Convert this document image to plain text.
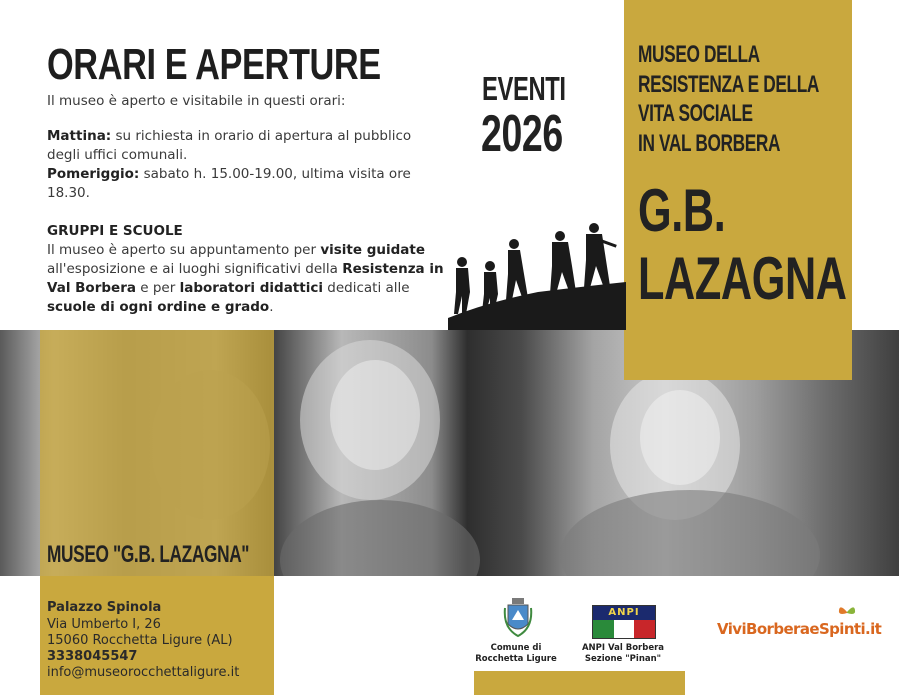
ORARI E APERTURE
Il museo è aperto e visitabile in questi orari:
Mattina: su richiesta in orario di apertura al pubblico degli uffici comunali.
Pomeriggio: sabato h. 15.00-19.00, ultima visita ore 18.30.
GRUPPI E SCUOLE
Il museo è aperto su appuntamento per visite guidate all'esposizione e ai luoghi significativi della Resistenza in Val Borbera e per laboratori didattici dedicati alle scuole di ogni ordine e grado.
EVENTI
2026
MUSEO DELLA
RESISTENZA E DELLA
VITA SOCIALE
IN VAL BORBERA
G.B.
LAZAGNA
MUSEO "G.B. LAZAGNA"
Palazzo Spinola
Via Umberto I, 26
15060 Rocchetta Ligure (AL)
3338045547
info@museorocchettaligure.it
Comune di
Rocchetta Ligure
ANPI
ANPI Val Borbera
Sezione "Pinan"
ViviBorberaeSpinti.it
